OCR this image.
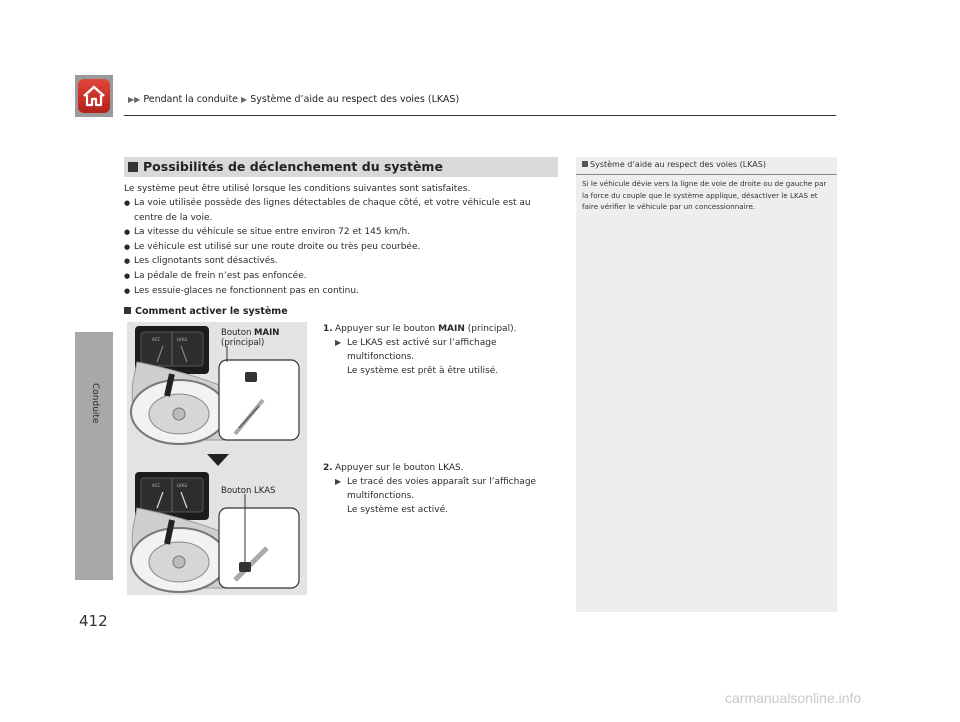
Conduite
412
▶▶ Pendant la conduite ▶ Système d’aide au respect des voies (LKAS)
Possibilités de déclenchement du système
Le système peut être utilisé lorsque les conditions suivantes sont satisfaites.
● La voie utilisée possède des lignes détectables de chaque côté, et votre véhicule est au centre de la voie.
● La vitesse du véhicule se situe entre environ 72 et 145 km/h.
● Le véhicule est utilisé sur une route droite ou très peu courbée.
● Les clignotants sont désactivés.
● La pédale de frein n’est pas enfoncée.
● Les essuie-glaces ne fonctionnent pas en continu.
Comment activer le système
Bouton MAIN
(principal)
Bouton LKAS
ACC	LKAS
ACC	LKAS
1. Appuyer sur le bouton MAIN (principal).
▶ Le LKAS est activé sur l’affichage
multifonctions.
Le système est prêt à être utilisé.
2. Appuyer sur le bouton LKAS.
▶ Le tracé des voies apparaît sur l’affichage
multifonctions.
Le système est activé.
Système d’aide au respect des voies (LKAS)
Si le véhicule dévie vers la ligne de voie de droite ou de gauche par la force du couple que le système applique, désactiver le LKAS et faire vérifier le véhicule par un concessionnaire.
carmanualsonline.info
